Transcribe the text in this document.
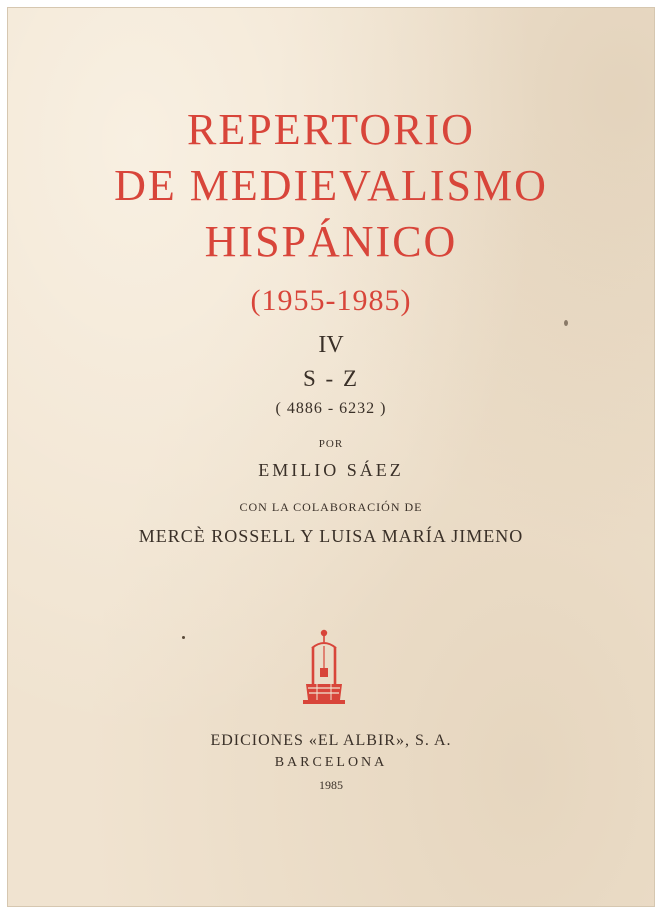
REPERTORIO
DE MEDIEVALISMO
HISPÁNICO
(1955-1985)
IV
S - Z
( 4886 - 6232 )
POR
EMILIO SÁEZ
CON LA COLABORACIÓN DE
MERCÈ ROSSELL Y LUISA MARÍA JIMENO
EDICIONES «EL ALBIR», S. A.
BARCELONA
1985
